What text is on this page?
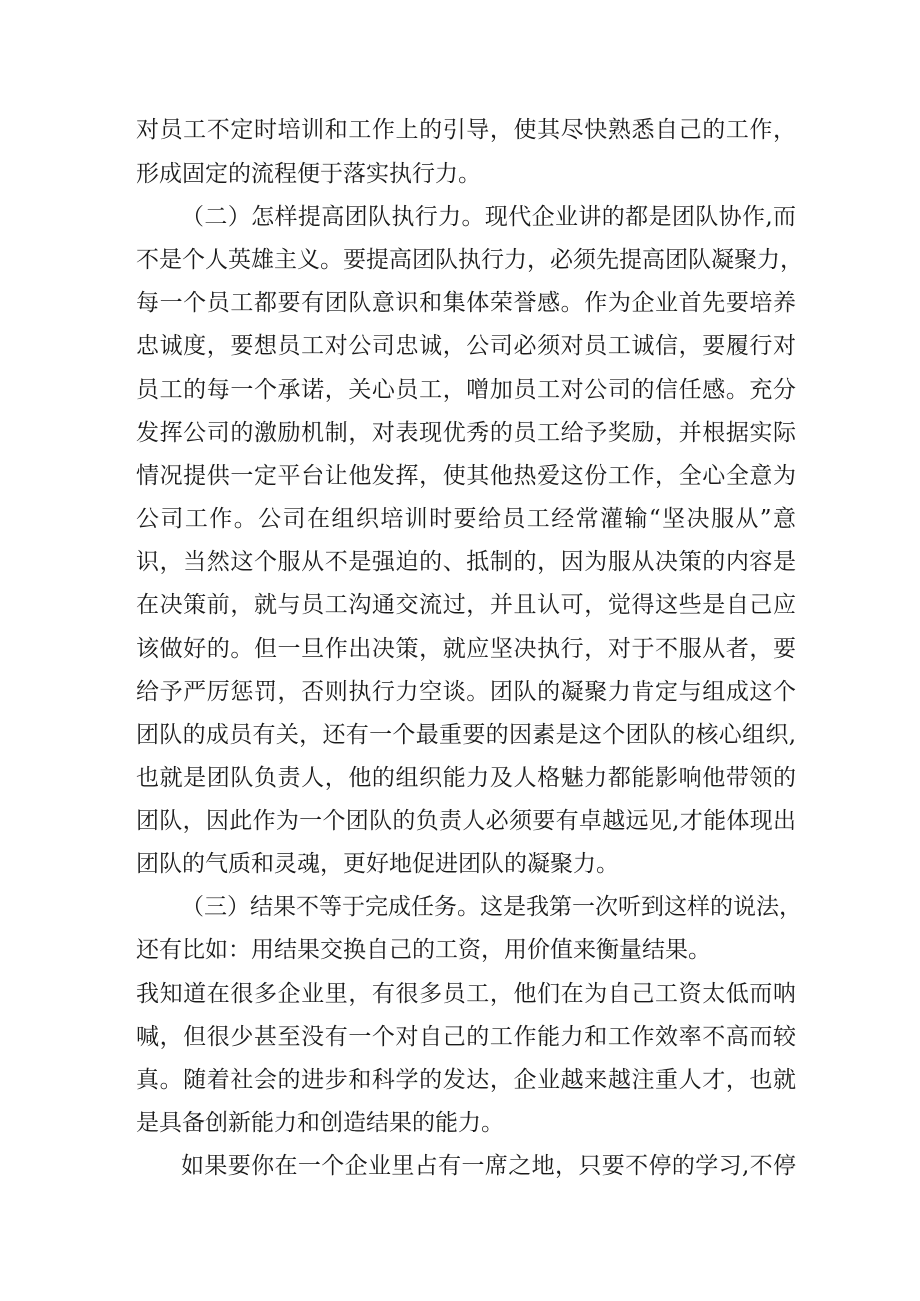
对员工不定时培训和工作上的引导，使其尽快熟悉自己的工作，
形成固定的流程便于落实执行力。
（二）怎样提高团队执行力。现代企业讲的都是团队协作,而
不是个人英雄主义。要提高团队执行力，必须先提高团队凝聚力，
每一个员工都要有团队意识和集体荣誉感。作为企业首先要培养
忠诚度，要想员工对公司忠诚，公司必须对员工诚信，要履行对
员工的每一个承诺，关心员工，噌加员工对公司的信任感。充分
发挥公司的激励机制，对表现优秀的员工给予奖励，并根据实际
情况提供一定平台让他发挥，使其他热爱这份工作，全心全意为
公司工作。公司在组织培训时要给员工经常灌输“坚决服从”意
识，当然这个服从不是强迫的、抵制的，因为服从决策的内容是
在决策前，就与员工沟通交流过，并且认可，觉得这些是自己应
该做好的。但一旦作出决策，就应坚决执行，对于不服从者，要
给予严厉惩罚，否则执行力空谈。团队的凝聚力肯定与组成这个
团队的成员有关，还有一个最重要的因素是这个团队的核心组织,
也就是团队负责人，他的组织能力及人格魅力都能影响他带领的
团队，因此作为一个团队的负责人必须要有卓越远见,才能体现出
团队的气质和灵魂，更好地促进团队的凝聚力。
（三）结果不等于完成任务。这是我第一次听到这样的说法，
还有比如：用结果交换自己的工资，用价值来衡量结果。
我知道在很多企业里，有很多员工，他们在为自己工资太低而呐
喊，但很少甚至没有一个对自己的工作能力和工作效率不高而较
真。随着社会的进步和科学的发达，企业越来越注重人才，也就
是具备创新能力和创造结果的能力。
如果要你在一个企业里占有一席之地，只要不停的学习,不停
